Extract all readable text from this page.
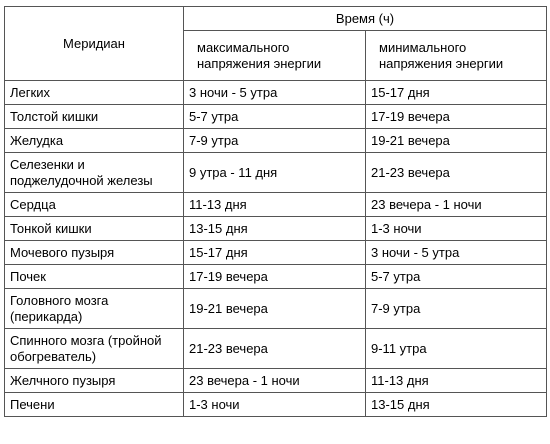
Меридиан	Время (ч)	
	максимального напряжения энергии	минимального напряжения энергии
Легких	3 ночи - 5 утра	15-17 дня
Толстой кишки	5-7 утра	17-19 вечера
Желудка	7-9 утра	19-21 вечера
Селезенки и поджелудочной железы	9 утра - 11 дня	21-23 вечера
Сердца	11-13 дня	23 вечера - 1 ночи
Тонкой кишки	13-15 дня	1-3 ночи
Мочевого пузыря	15-17 дня	3 ночи - 5 утра
Почек	17-19 вечера	5-7 утра
Головного мозга (перикарда)	19-21 вечера	7-9 утра
Спинного мозга (тройной обогреватель)	21-23 вечера	9-11 утра
Желчного пузыря	23 вечера - 1 ночи	11-13 дня
Печени	1-3 ночи	13-15 дня
